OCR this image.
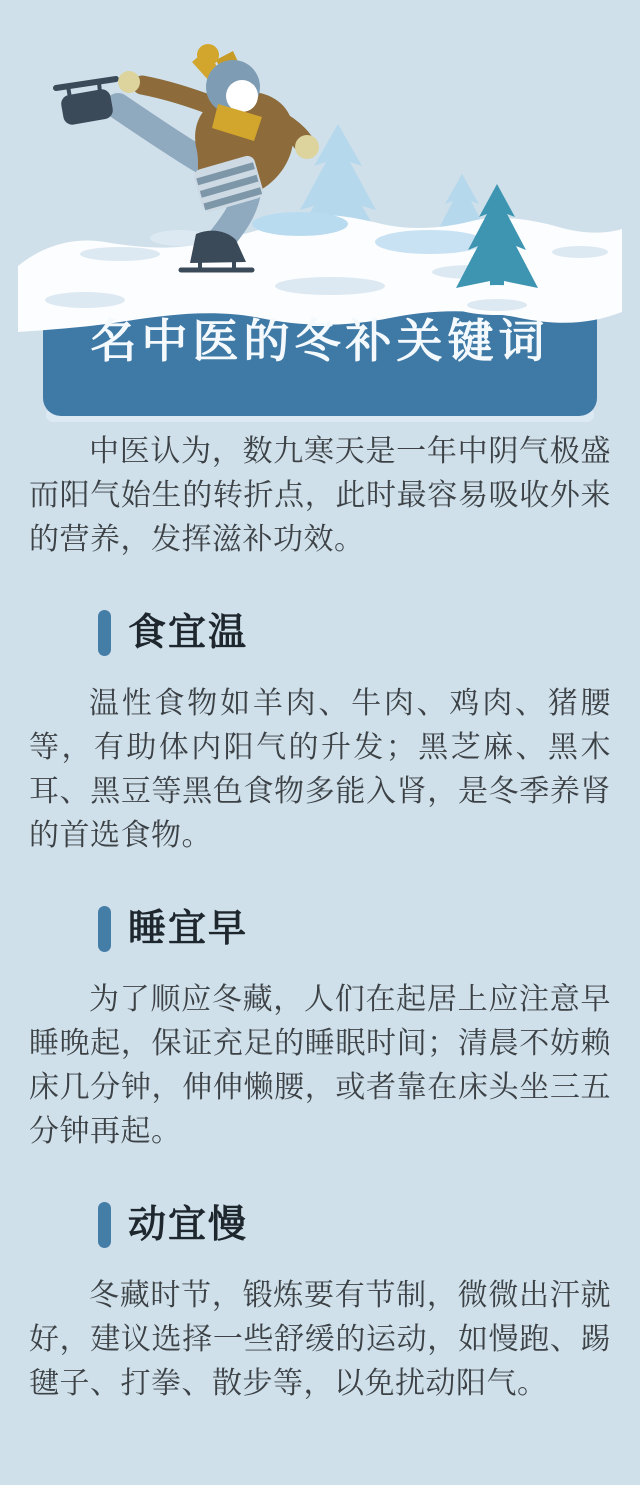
名中医的冬补关键词

中医认为，数九寒天是一年中阴气极盛而阳气始生的转折点，此时最容易吸收外来的营养，发挥滋补功效。

食宜温

温性食物如羊肉、牛肉、鸡肉、猪腰等，有助体内阳气的升发；黑芝麻、黑木耳、黑豆等黑色食物多能入肾，是冬季养肾的首选食物。

睡宜早

为了顺应冬藏，人们在起居上应注意早睡晚起，保证充足的睡眠时间；清晨不妨赖床几分钟，伸伸懒腰，或者靠在床头坐三五分钟再起。

动宜慢

冬藏时节，锻炼要有节制，微微出汗就好，建议选择一些舒缓的运动，如慢跑、踢毽子、打拳、散步等，以免扰动阳气。
